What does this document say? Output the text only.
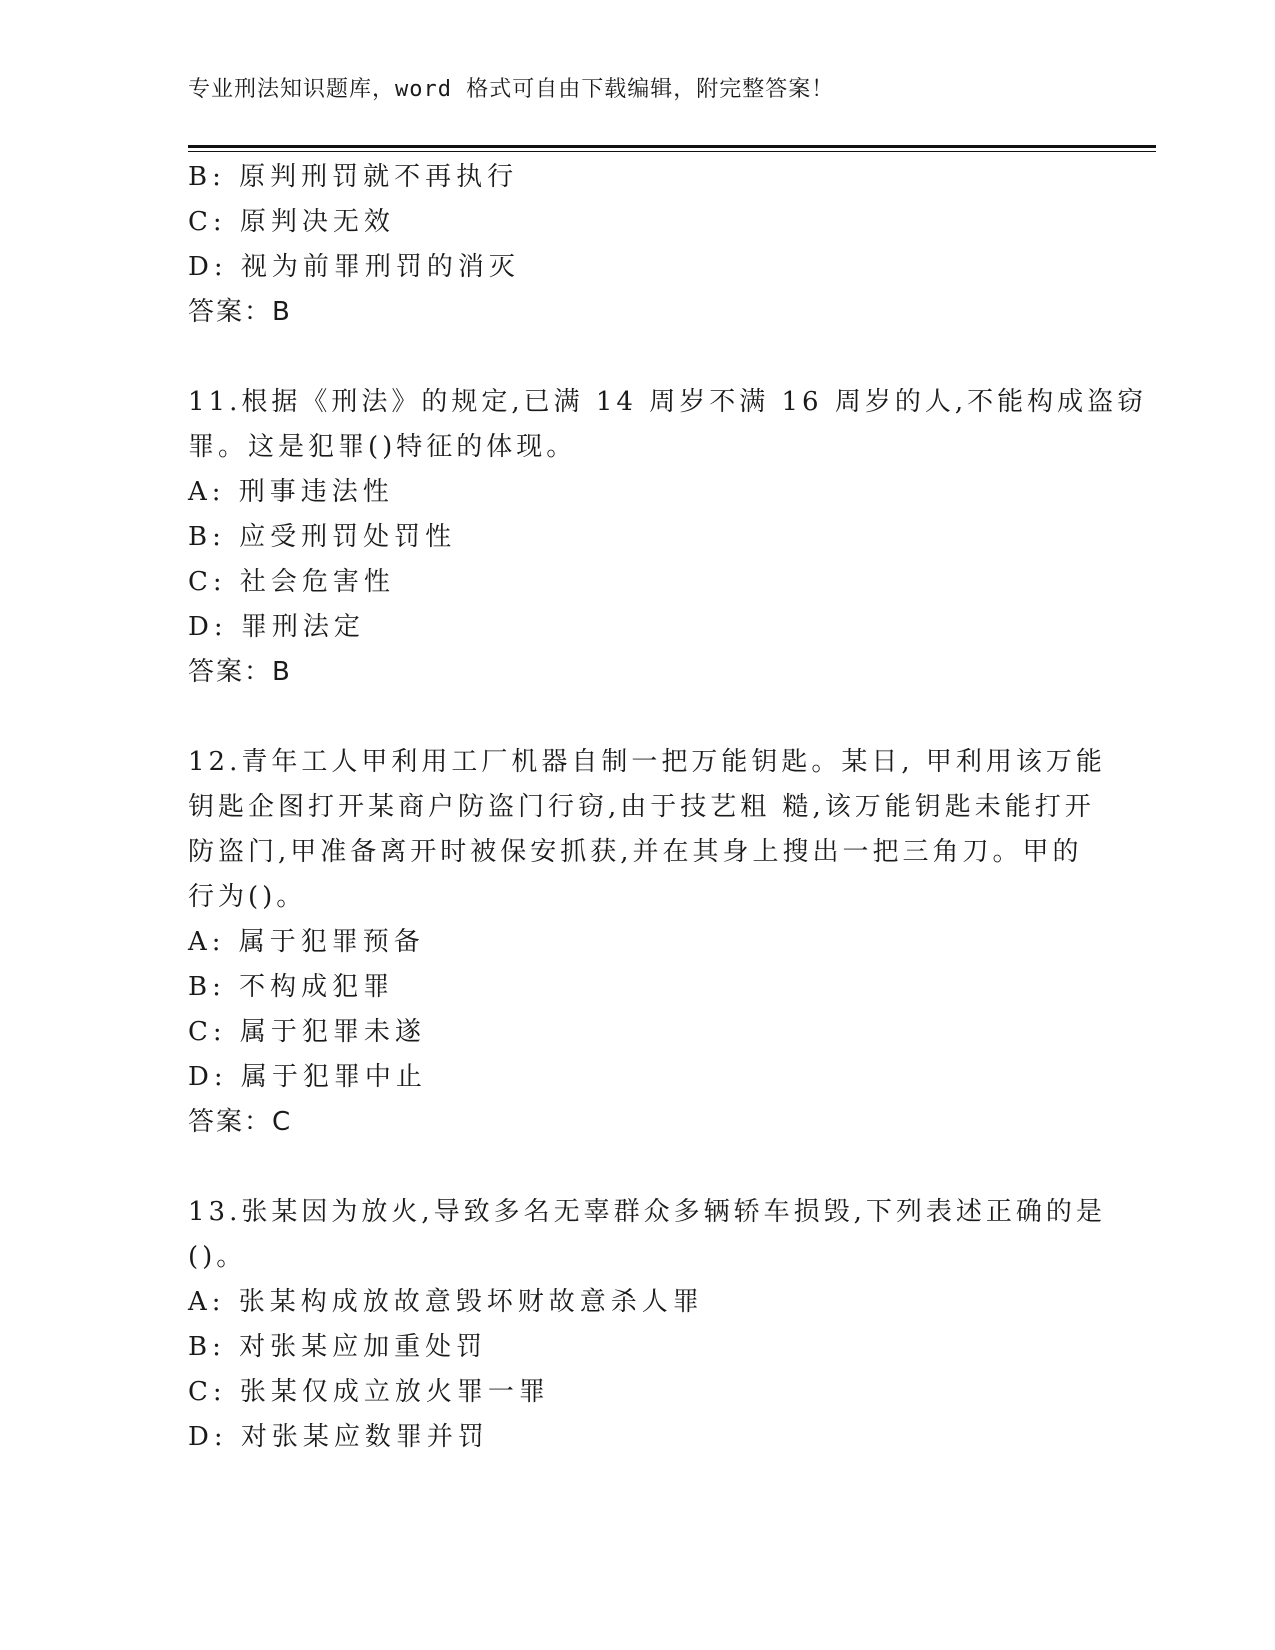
专业刑法知识题库，word 格式可自由下载编辑，附完整答案！
B: 原判刑罚就不再执行
C: 原判决无效
D: 视为前罪刑罚的消灭
答案：B
11.根据《刑法》的规定,已满 14 周岁不满 16 周岁的人,不能构成盗窃
罪。这是犯罪()特征的体现。
A: 刑事违法性
B: 应受刑罚处罚性
C: 社会危害性
D: 罪刑法定
答案：B
12.青年工人甲利用工厂机器自制一把万能钥匙。某日, 甲利用该万能
钥匙企图打开某商户防盗门行窃,由于技艺粗 糙,该万能钥匙未能打开
防盗门,甲准备离开时被保安抓获,并在其身上搜出一把三角刀。甲的
行为()。
A: 属于犯罪预备
B: 不构成犯罪
C: 属于犯罪未遂
D: 属于犯罪中止
答案：C
13.张某因为放火,导致多名无辜群众多辆轿车损毁,下列表述正确的是
()。
A: 张某构成放故意毁坏财故意杀人罪
B: 对张某应加重处罚
C: 张某仅成立放火罪一罪
D: 对张某应数罪并罚
